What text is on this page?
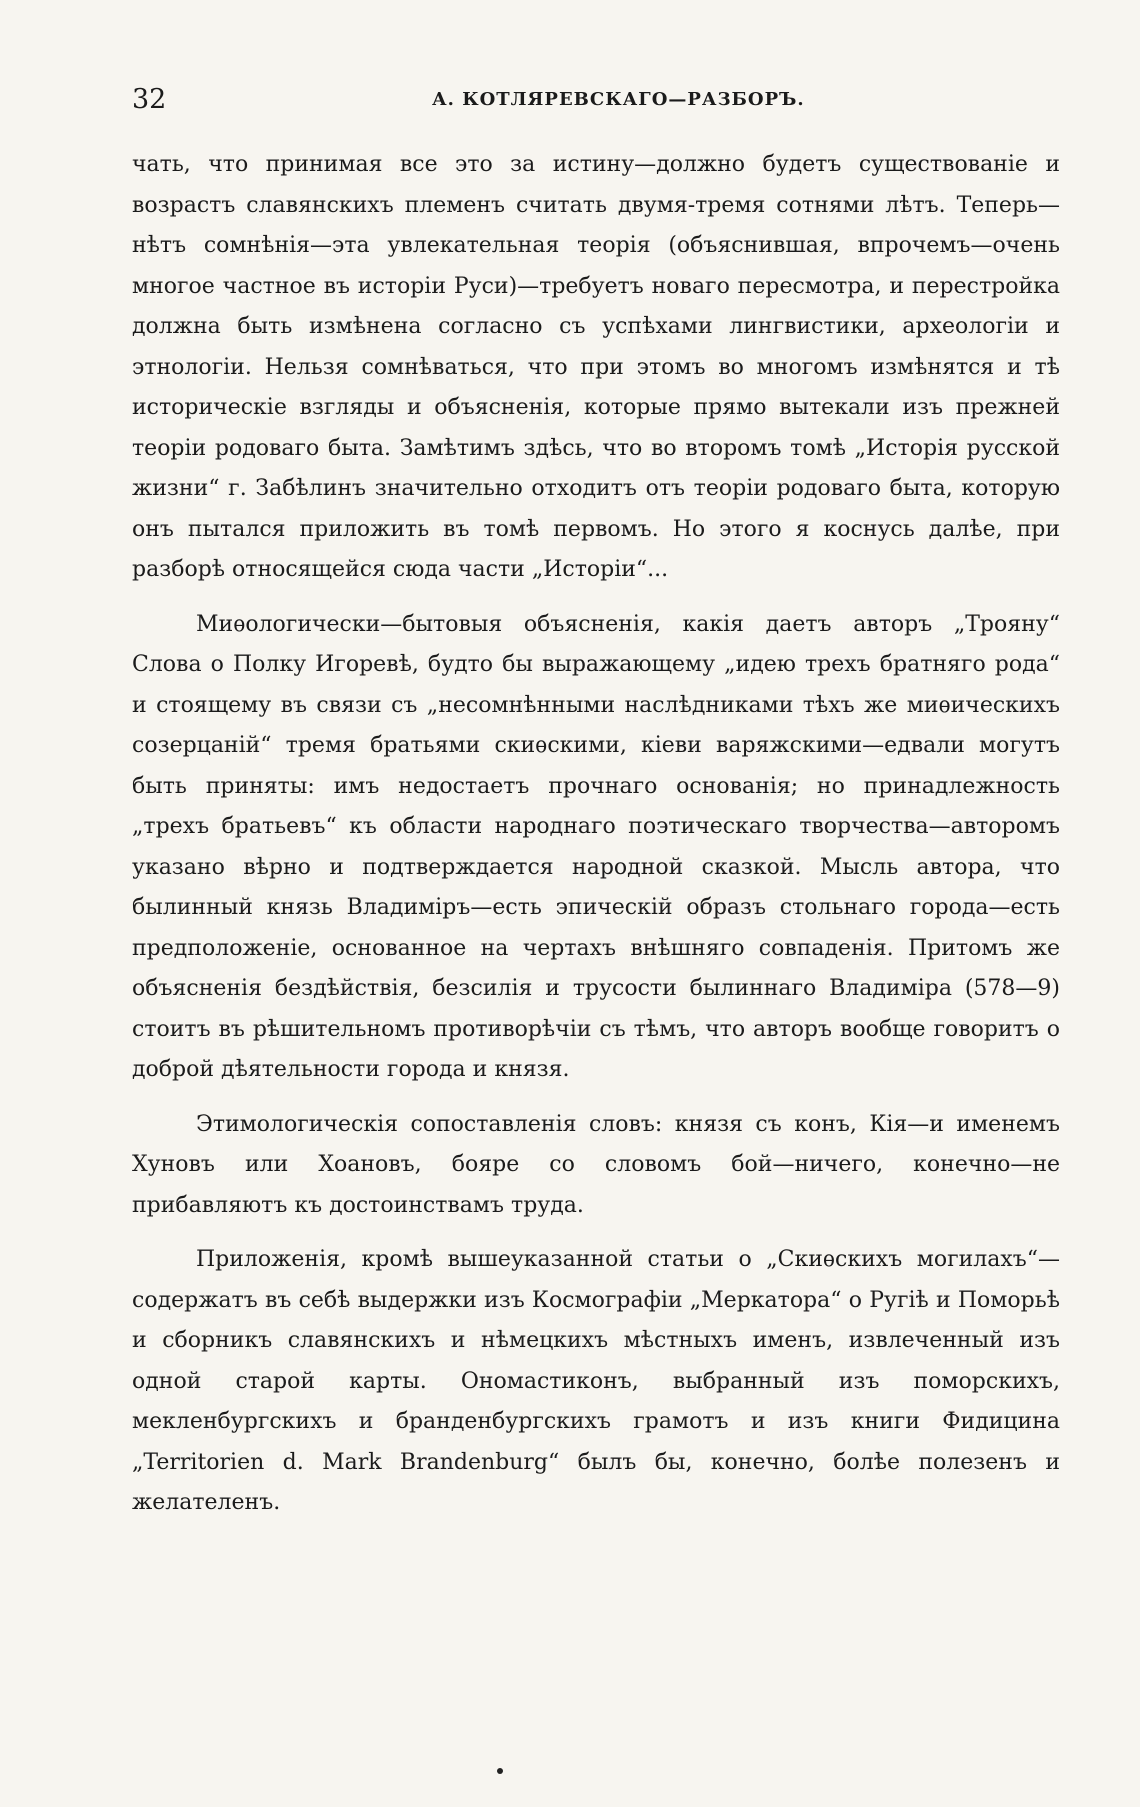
32	А. КОТЛЯРЕВСКАГО—РАЗБОРЪ.

чать, что принимая все это за истину—должно будетъ существованіе и возрастъ славянскихъ племенъ считать двумя-тремя сотнями лѣтъ. Теперь—нѣтъ сомнѣнія—эта увлекательная теорія (объяснившая, впрочемъ—очень многое частное въ исторіи Руси)—требуетъ новаго пересмотра, и перестройка должна быть измѣнена согласно съ успѣхами лингвистики, археологіи и этнологіи. Нельзя сомнѣваться, что при этомъ во многомъ измѣнятся и тѣ историческіе взгляды и объясненія, которые прямо вытекали изъ прежней теоріи родоваго быта. Замѣтимъ здѣсь, что во второмъ томѣ „Исторія русской жизни“ г. Забѣлинъ значительно отходитъ отъ теоріи родоваго быта, которую онъ пытался приложить въ томѣ первомъ. Но этого я коснусь далѣе, при разборѣ относящейся сюда части „Исторіи“...

Миѳологически—бытовыя объясненія, какія даетъ авторъ „Трояну“ Слова о Полку Игоревѣ, будто бы выражающему „идею трехъ братняго рода“ и стоящему въ связи съ „несомнѣнными наслѣдниками тѣхъ же миѳическихъ созерцаній“ тремя братьями скиѳскими, кіеви варяжскими—едвали могутъ быть приняты: имъ недостаетъ прочнаго основанія; но принадлежность „трехъ братьевъ“ къ области народнаго поэтическаго творчества—авторомъ указано вѣрно и подтверждается народной сказкой. Мысль автора, что былинный князь Владиміръ—есть эпическій образъ стольнаго города—есть предположеніе, основанное на чертахъ внѣшняго совпаденія. Притомъ же объясненія бездѣйствія, безсилія и трусости былиннаго Владиміра (578—9) стоитъ въ рѣшительномъ противорѣчіи съ тѣмъ, что авторъ вообще говоритъ о доброй дѣятельности города и князя.

Этимологическія сопоставленія словъ: князя съ конъ, Кія—и именемъ Хуновъ или Хоановъ, бояре со словомъ бой—ничего, конечно—не прибавляютъ къ достоинствамъ труда.

Приложенія, кромѣ вышеуказанной статьи о „Скиѳскихъ могилахъ“—содержатъ въ себѣ выдержки изъ Космографіи „Меркатора“ о Ругіѣ и Поморьѣ и сборникъ славянскихъ и нѣмецкихъ мѣстныхъ именъ, извлеченный изъ одной старой карты. Ономастиконъ, выбранный изъ поморскихъ, мекленбургскихъ и бранденбургскихъ грамотъ и изъ книги Фидицина „Territorien d. Mark Brandenburg“ былъ бы, конечно, болѣе полезенъ и желателенъ.
